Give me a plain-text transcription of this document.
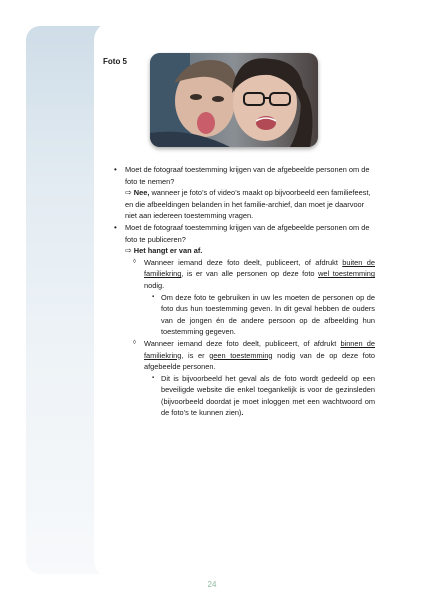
Foto 5

• Moet de fotograaf toestemming krijgen van de afgebeelde personen om de foto te nemen?

⇨ Nee, wanneer je foto’s of video’s maakt op bijvoorbeeld een familiefeest, en die afbeeldingen belanden in het familie-archief, dan moet je daarvoor niet aan iedereen toestemming vragen.

• Moet de fotograaf toestemming krijgen van de afgebeelde personen om de foto te publiceren?

⇨ Het hangt er van af.

◊ Wanneer iemand deze foto deelt, publiceert, of afdrukt buiten de familiekring, is er van alle personen op deze foto wel toestemming nodig.

▪ Om deze foto te gebruiken in uw les moeten de personen op de foto dus hun toestemming geven. In dit geval hebben de ouders van de jongen én de andere persoon op de afbeelding hun toestemming gegeven.

◊ Wanneer iemand deze foto deelt, publiceert, of afdrukt binnen de familiekring, is er geen toestemming nodig van de op deze foto afgebeelde personen.

▪ Dit is bijvoorbeeld het geval als de foto wordt gedeeld op een beveiligde website die enkel toegankelijk is voor de gezinsleden (bijvoorbeeld doordat je moet inloggen met een wachtwoord om de foto’s te kunnen zien).

24
